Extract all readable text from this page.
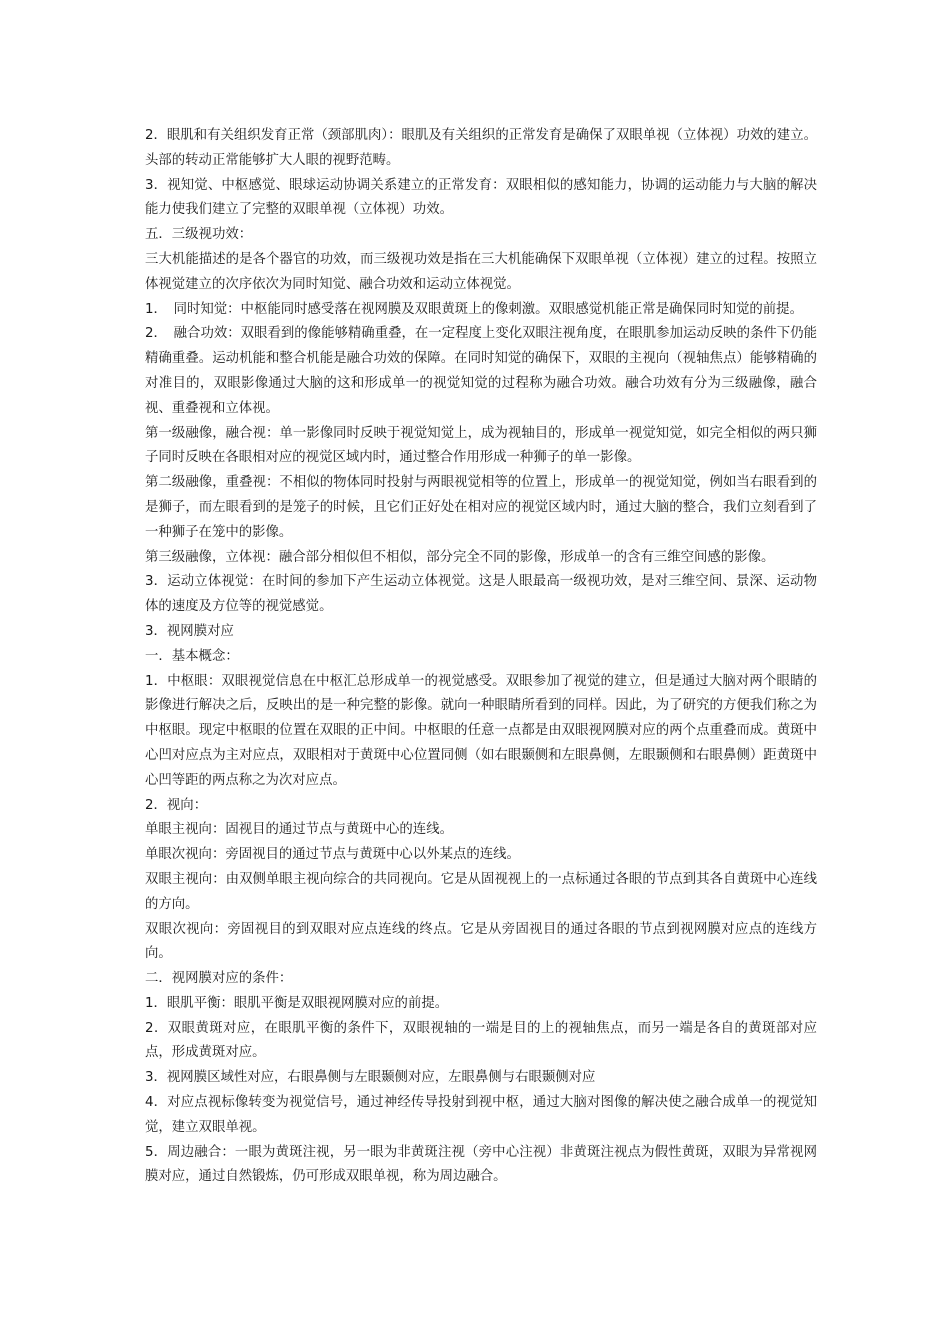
2．眼肌和有关组织发育正常（颈部肌肉）：眼肌及有关组织的正常发育是确保了双眼单视（立体视）功效的建立。头部的转动正常能够扩大人眼的视野范畴。

3．视知觉、中枢感觉、眼球运动协调关系建立的正常发育：双眼相似的感知能力，协调的运动能力与大脑的解决能力使我们建立了完整的双眼单视（立体视）功效。

五．三级视功效：

三大机能描述的是各个器官的功效，而三级视功效是指在三大机能确保下双眼单视（立体视）建立的过程。按照立体视觉建立的次序依次为同时知觉、融合功效和运动立体视觉。

1．　同时知觉：中枢能同时感受落在视网膜及双眼黄斑上的像刺激。双眼感觉机能正常是确保同时知觉的前提。

2．　融合功效：双眼看到的像能够精确重叠，在一定程度上变化双眼注视角度，在眼肌参加运动反映的条件下仍能精确重叠。运动机能和整合机能是融合功效的保障。在同时知觉的确保下，双眼的主视向（视轴焦点）能够精确的对准目的，双眼影像通过大脑的这和形成单一的视觉知觉的过程称为融合功效。融合功效有分为三级融像，融合视、重叠视和立体视。

第一级融像，融合视：单一影像同时反映于视觉知觉上，成为视轴目的，形成单一视觉知觉，如完全相似的两只狮子同时反映在各眼相对应的视觉区域内时，通过整合作用形成一种狮子的单一影像。

第二级融像，重叠视：不相似的物体同时投射与两眼视觉相等的位置上，形成单一的视觉知觉，例如当右眼看到的是狮子，而左眼看到的是笼子的时候，且它们正好处在相对应的视觉区域内时，通过大脑的整合，我们立刻看到了一种狮子在笼中的影像。

第三级融像，立体视：融合部分相似但不相似，部分完全不同的影像，形成单一的含有三维空间感的影像。

3．运动立体视觉：在时间的参加下产生运动立体视觉。这是人眼最高一级视功效，是对三维空间、景深、运动物体的速度及方位等的视觉感觉。

3．视网膜对应

一．基本概念：

1．中枢眼：双眼视觉信息在中枢汇总形成单一的视觉感受。双眼参加了视觉的建立，但是通过大脑对两个眼睛的影像进行解决之后，反映出的是一种完整的影像。就向一种眼睛所看到的同样。因此，为了研究的方便我们称之为中枢眼。现定中枢眼的位置在双眼的正中间。中枢眼的任意一点都是由双眼视网膜对应的两个点重叠而成。黄斑中心凹对应点为主对应点，双眼相对于黄斑中心位置同侧（如右眼颞侧和左眼鼻侧，左眼颞侧和右眼鼻侧）距黄斑中心凹等距的两点称之为次对应点。

2．视向：

单眼主视向：固视目的通过节点与黄斑中心的连线。

单眼次视向：旁固视目的通过节点与黄斑中心以外某点的连线。

双眼主视向：由双侧单眼主视向综合的共同视向。它是从固视视上的一点标通过各眼的节点到其各自黄斑中心连线的方向。

双眼次视向：旁固视目的到双眼对应点连线的终点。它是从旁固视目的通过各眼的节点到视网膜对应点的连线方向。

二．视网膜对应的条件：

1．眼肌平衡：眼肌平衡是双眼视网膜对应的前提。

2．双眼黄斑对应，在眼肌平衡的条件下，双眼视轴的一端是目的上的视轴焦点，而另一端是各自的黄斑部对应点，形成黄斑对应。

3．视网膜区域性对应，右眼鼻侧与左眼颞侧对应，左眼鼻侧与右眼颞侧对应

4．对应点视标像转变为视觉信号，通过神经传导投射到视中枢，通过大脑对图像的解决使之融合成单一的视觉知觉，建立双眼单视。

5．周边融合：一眼为黄斑注视，另一眼为非黄斑注视（旁中心注视）非黄斑注视点为假性黄斑，双眼为异常视网膜对应，通过自然锻炼，仍可形成双眼单视，称为周边融合。
